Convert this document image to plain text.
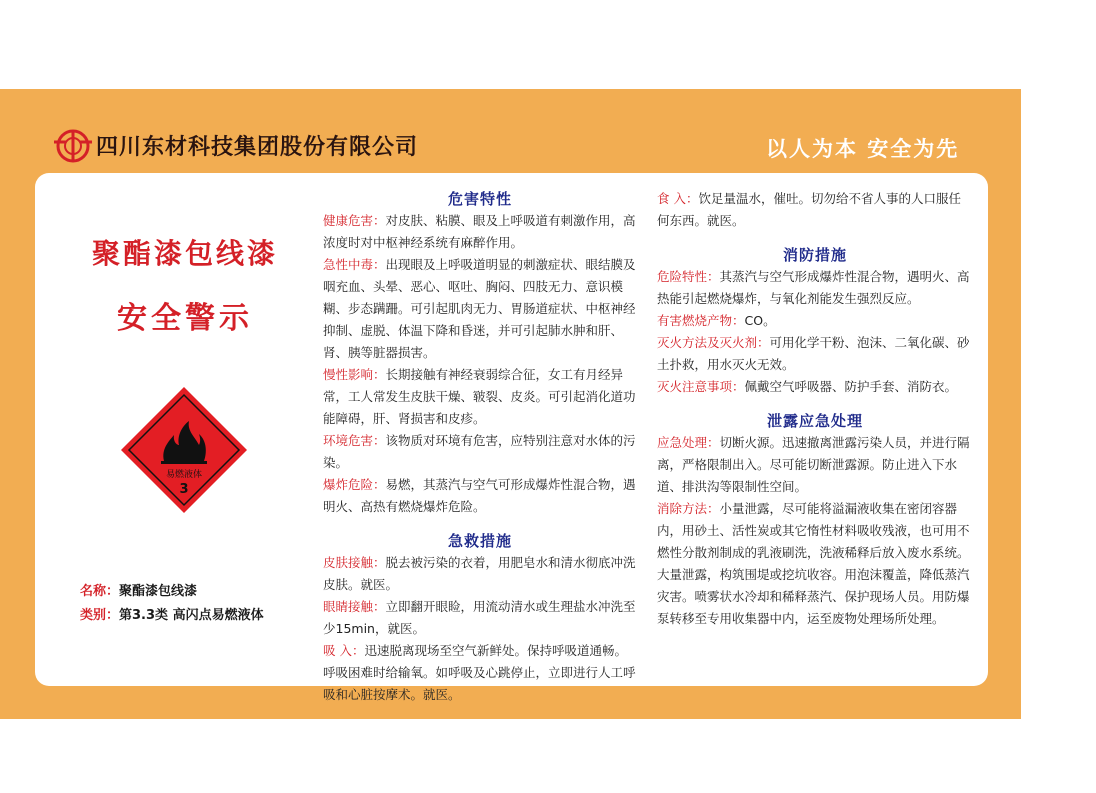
四川东材科技集团股份有限公司	以人为本 安全为先
聚酯漆包线漆
安全警示
易燃液体
3
名称：聚酯漆包线漆
类别：第3.3类 高闪点易燃液体

危害特性

健康危害：对皮肤、粘膜、眼及上呼吸道有刺激作用，高浓度时对中枢神经系统有麻醉作用。

急性中毒：出现眼及上呼吸道明显的刺激症状、眼结膜及咽充血、头晕、恶心、呕吐、胸闷、四肢无力、意识模糊、步态蹒跚。可引起肌肉无力、胃肠道症状、中枢神经抑制、虚脱、体温下降和昏迷，并可引起肺水肿和肝、肾、胰等脏器损害。

慢性影响：长期接触有神经衰弱综合征，女工有月经异常，工人常发生皮肤干燥、皲裂、皮炎。可引起消化道功能障碍，肝、肾损害和皮疹。

环境危害：该物质对环境有危害，应特别注意对水体的污染。

爆炸危险：易燃，其蒸汽与空气可形成爆炸性混合物，遇明火、高热有燃烧爆炸危险。

急救措施

皮肤接触：脱去被污染的衣着，用肥皂水和清水彻底冲洗皮肤。就医。

眼睛接触：立即翻开眼睑，用流动清水或生理盐水冲洗至少15min，就医。

吸 入：迅速脱离现场至空气新鲜处。保持呼吸道通畅。呼吸困难时给输氧。如呼吸及心跳停止，立即进行人工呼吸和心脏按摩术。就医。

食 入：饮足量温水，催吐。切勿给不省人事的人口服任何东西。就医。

消防措施

危险特性：其蒸汽与空气形成爆炸性混合物，遇明火、高热能引起燃烧爆炸，与氧化剂能发生强烈反应。

有害燃烧产物：CO。

灭火方法及灭火剂：可用化学干粉、泡沫、二氧化碳、砂土扑救，用水灭火无效。

灭火注意事项：佩戴空气呼吸器、防护手套、消防衣。

泄露应急处理

应急处理：切断火源。迅速撤离泄露污染人员，并进行隔离，严格限制出入。尽可能切断泄露源。防止进入下水道、排洪沟等限制性空间。

消除方法：小量泄露，尽可能将溢漏液收集在密闭容器内，用砂土、活性炭或其它惰性材料吸收残液，也可用不燃性分散剂制成的乳液刷洗，洗液稀释后放入废水系统。大量泄露，构筑围堤或挖坑收容。用泡沫覆盖，降低蒸汽灾害。喷雾状水冷却和稀释蒸汽、保护现场人员。用防爆泵转移至专用收集器中内，运至废物处理场所处理。
